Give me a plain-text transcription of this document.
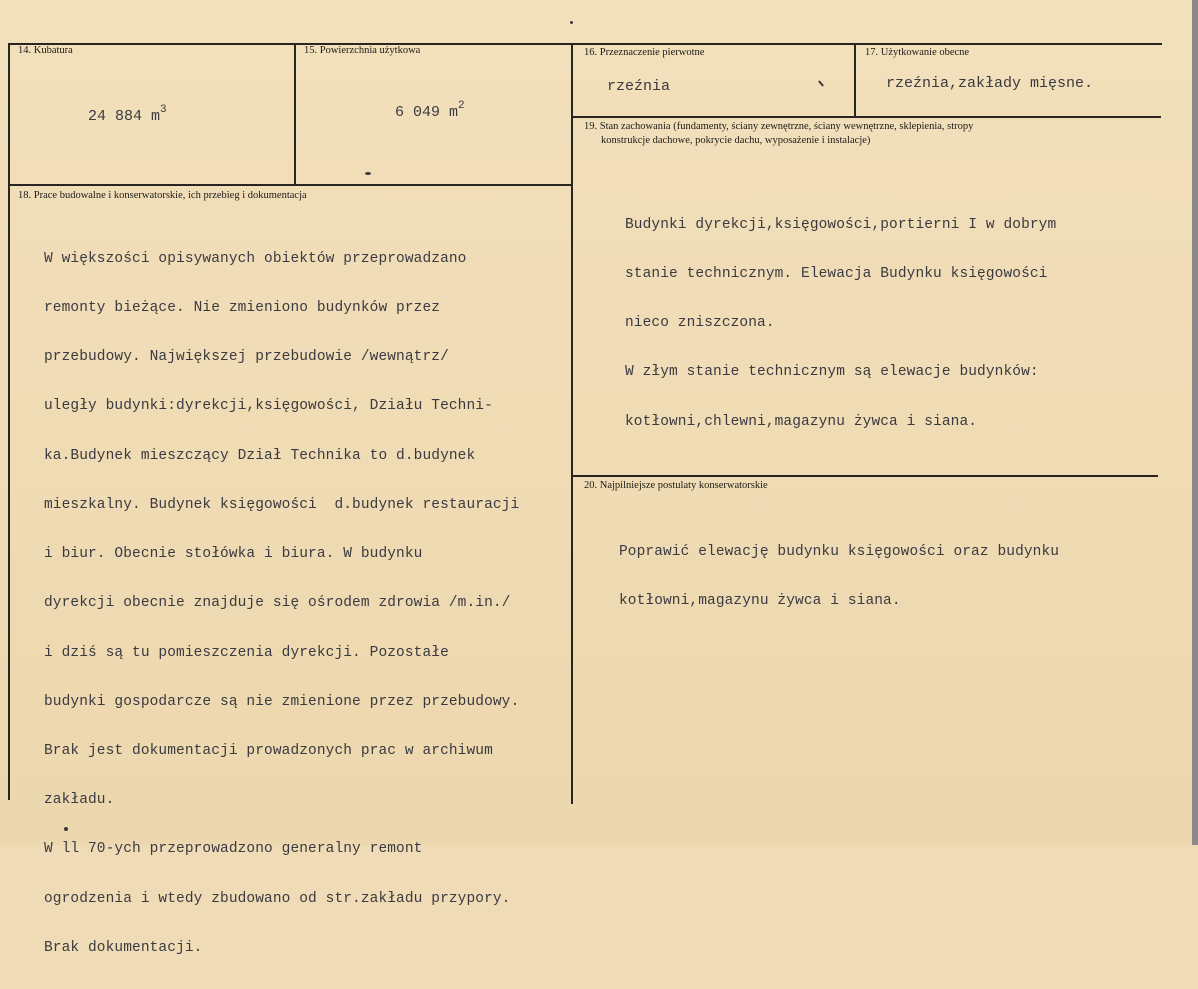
14. Kubatura
24 884 $m^3$
15. Powierzchnia użytkowa
6 049 $m^2$
16. Przeznaczenie pierwotne
rzeźnia
17. Użytkowanie obecne
rzeźnia,zakłady mięsne.
19. Stan zachowania (fundamenty, ściany zewnętrzne, ściany wewnętrzne, sklepienia, stropy
konstrukcje dachowe, pokrycie dachu, wyposażenie i instalacje)

Budynki dyrekcji,księgowości,portierni I w dobrym

stanie technicznym. Elewacja Budynku księgowości

nieco zniszczona.

W złym stanie technicznym są elewacje budynków:

kotłowni,chlewni,magazynu żywca i siana.

18. Prace budowalne i konserwatorskie, ich przebieg i dokumentacja

W większości opisywanych obiektów przeprowadzano

remonty bieżące. Nie zmieniono budynków przez

przebudowy. Największej przebudowie /wewnątrz/

uległy budynki:dyrekcji,księgowości, Działu Techni-

ka.Budynek mieszczący Dział Technika to d.budynek

mieszkalny. Budynek księgowości  d.budynek restauracji

i biur. Obecnie stołówka i biura. W budynku

dyrekcji obecnie znajduje się ośrodem zdrowia /m.in./

i dziś są tu pomieszczenia dyrekcji. Pozostałe

budynki gospodarcze są nie zmienione przez przebudowy.

Brak jest dokumentacji prowadzonych prac w archiwum

zakładu.

W ll 70-ych przeprowadzono generalny remont

ogrodzenia i wtedy zbudowano od str.zakładu przypory.

Brak dokumentacji.

20. Najpilniejsze postulaty konserwatorskie

Poprawić elewację budynku księgowości oraz budynku

kotłowni,magazynu żywca i siana.
